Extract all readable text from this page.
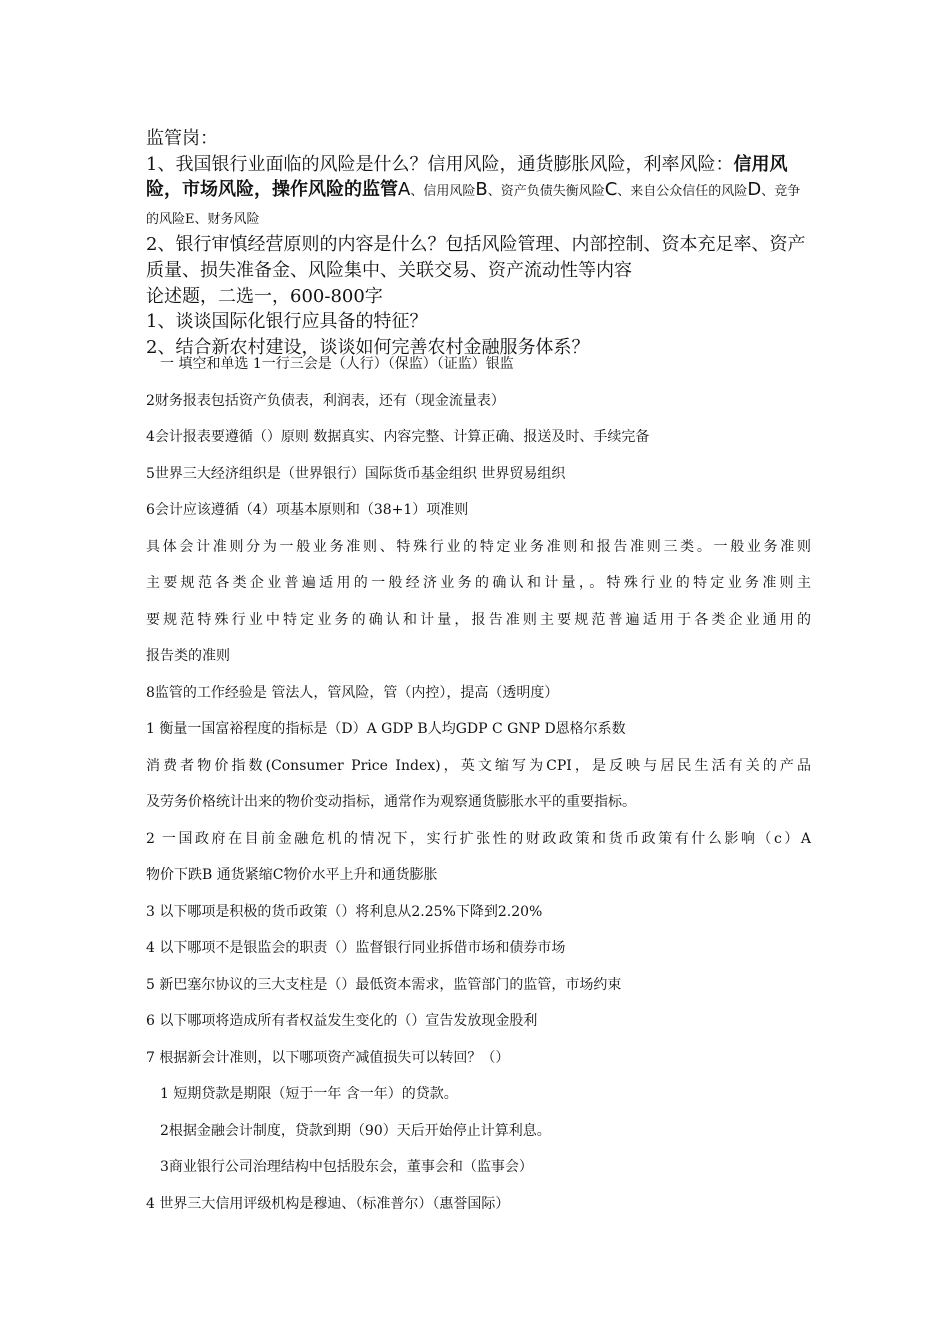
监管岗：

1、我国银行业面临的风险是什么？信用风险，通货膨胀风险，利率风险：信用风险，市场风险，操作风险的监管A、信用风险B、资产负债失衡风险C、来自公众信任的风险D、竞争的风险E、财务风险

2、银行审慎经营原则的内容是什么？包括风险管理、内部控制、资本充足率、资产质量、损失准备金、风险集中、关联交易、资产流动性等内容

论述题，二选一，600-800字

1、谈谈国际化银行应具备的特征？

2、结合新农村建设，谈谈如何完善农村金融服务体系？

一 填空和单选 1一行三会是（人行）（保监）（证监）银监

2财务报表包括资产负债表，利润表，还有（现金流量表）

4会计报表要遵循（）原则 数据真实、内容完整、计算正确、报送及时、手续完备

5世界三大经济组织是（世界银行）国际货币基金组织 世界贸易组织

6会计应该遵循（4）项基本原则和（38+1）项准则

具体会计准则分为一般业务准则、特殊行业的特定业务准则和报告准则三类。一般业务准则

主要规范各类企业普遍适用的一般经济业务的确认和计量，。特殊行业的特定业务准则主

要规范特殊行业中特定业务的确认和计量，报告准则主要规范普遍适用于各类企业通用的

报告类的准则

8监管的工作经验是 管法人，管风险，管（内控），提高（透明度）

1 衡量一国富裕程度的指标是（D）A GDP B人均GDP C GNP D恩格尔系数

消费者物价指数(Consumer Price Index)，英文缩写为CPI，是反映与居民生活有关的产品

及劳务价格统计出来的物价变动指标，通常作为观察通货膨胀水平的重要指标。

2 一国政府在目前金融危机的情况下，实行扩张性的财政政策和货币政策有什么影响（c）A

物价下跌B 通货紧缩C物价水平上升和通货膨胀

3 以下哪项是积极的货币政策（）将利息从2.25%下降到2.20%

4 以下哪项不是银监会的职责（）监督银行同业拆借市场和债券市场

5 新巴塞尔协议的三大支柱是（）最低资本需求，监管部门的监管，市场约束

6 以下哪项将造成所有者权益发生变化的（）宣告发放现金股利

7 根据新会计准则，以下哪项资产减值损失可以转回？（）

1 短期贷款是期限（短于一年 含一年）的贷款。

2根据金融会计制度，贷款到期（90）天后开始停止计算利息。

3商业银行公司治理结构中包括股东会，董事会和（监事会）

4 世界三大信用评级机构是穆迪、（标准普尔）（惠誉国际）
